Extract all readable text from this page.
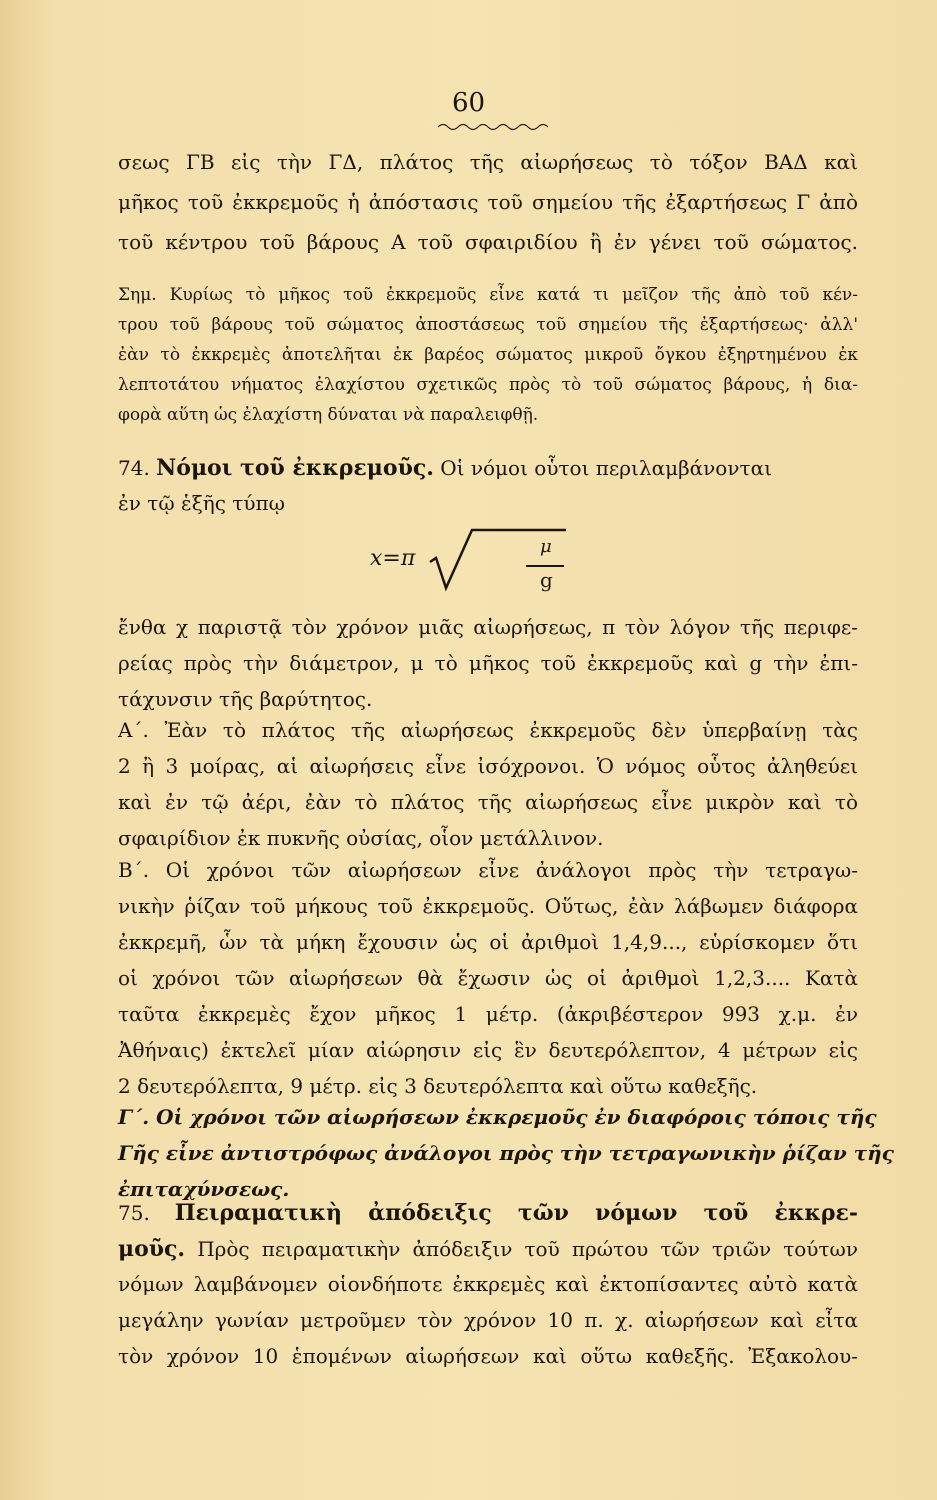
60
σεως ΓΒ εἰς τὴν ΓΔ, πλάτος τῆς αἰωρήσεως τὸ τόξον ΒΑΔ καὶ
μῆκος τοῦ ἐκκρεμοῦς ἡ ἀπόστασις τοῦ σημείου τῆς ἐξαρτήσεως Γ ἀπὸ
τοῦ κέντρου τοῦ βάρους Α τοῦ σφαιριδίου ἢ ἐν γένει τοῦ σώματος.
Σημ. Κυρίως τὸ μῆκος τοῦ ἐκκρεμοῦς εἶνε κατά τι μεῖζον τῆς ἀπὸ τοῦ κέν-
τρου τοῦ βάρους τοῦ σώματος ἀποστάσεως τοῦ σημείου τῆς ἐξαρτήσεως· ἀλλ'
ἐὰν τὸ ἐκκρεμὲς ἀποτελῆται ἐκ βαρέος σώματος μικροῦ ὄγκου ἐξηρτημένου ἐκ
λεπτοτάτου νήματος ἐλαχίστου σχετικῶς πρὸς τὸ τοῦ σώματος βάρους, ἡ δια-
φορὰ αὕτη ὡς ἐλαχίστη δύναται νὰ παραλειφθῇ.
74. Νόμοι τοῦ ἐκκρεμοῦς. Οἱ νόμοι οὗτοι περιλαμβάνονται
ἐν τῷ ἑξῆς τύπῳ
x=π	μ
g
ἔνθα χ παριστᾷ τὸν χρόνον μιᾶς αἰωρήσεως, π τὸν λόγον τῆς περιφε-
ρείας πρὸς τὴν διάμετρον, μ τὸ μῆκος τοῦ ἐκκρεμοῦς καὶ g τὴν ἐπι-
τάχυνσιν τῆς βαρύτητος.
Α΄. Ἐὰν τὸ πλάτος τῆς αἰωρήσεως ἐκκρεμοῦς δὲν ὑπερβαίνῃ τὰς
2 ἢ 3 μοίρας, αἱ αἰωρήσεις εἶνε ἰσόχρονοι. Ὁ νόμος οὗτος ἀληθεύει
καὶ ἐν τῷ ἀέρι, ἐὰν τὸ πλάτος τῆς αἰωρήσεως εἶνε μικρὸν καὶ τὸ
σφαιρίδιον ἐκ πυκνῆς οὐσίας, οἷον μετάλλινον.
Β΄. Οἱ χρόνοι τῶν αἰωρήσεων εἶνε ἀνάλογοι πρὸς τὴν τετραγω-
νικὴν ῥίζαν τοῦ μήκους τοῦ ἐκκρεμοῦς. Οὕτως, ἐὰν λάβωμεν διάφορα
ἐκκρεμῆ, ὧν τὰ μήκη ἔχουσιν ὡς οἱ ἀριθμοὶ 1,4,9..., εὑρίσκομεν ὅτι
οἱ χρόνοι τῶν αἰωρήσεων θὰ ἔχωσιν ὡς οἱ ἀριθμοὶ 1,2,3.... Κατὰ
ταῦτα ἐκκρεμὲς ἔχον μῆκος 1 μέτρ. (ἀκριβέστερον 993 χ.μ. ἐν
Ἀθήναις) ἐκτελεῖ μίαν αἰώρησιν εἰς ἓν δευτερόλεπτον, 4 μέτρων εἰς
2 δευτερόλεπτα, 9 μέτρ. εἰς 3 δευτερόλεπτα καὶ οὕτω καθεξῆς.
Γ΄. Οἱ χρόνοι τῶν αἰωρήσεων ἐκκρεμοῦς ἐν διαφόροις τόποις τῆς
Γῆς εἶνε ἀντιστρόφως ἀνάλογοι πρὸς τὴν τετραγωνικὴν ῥίζαν τῆς
ἐπιταχύνσεως.
75. Πειραματικὴ ἀπόδειξις τῶν νόμων τοῦ ἐκκρε-
μοῦς. Πρὸς πειραματικὴν ἀπόδειξιν τοῦ πρώτου τῶν τριῶν τούτων
νόμων λαμβάνομεν οἱονδήποτε ἐκκρεμὲς καὶ ἐκτοπίσαντες αὐτὸ κατὰ
μεγάλην γωνίαν μετροῦμεν τὸν χρόνον 10 π. χ. αἰωρήσεων καὶ εἶτα
τὸν χρόνον 10 ἑπομένων αἰωρήσεων καὶ οὕτω καθεξῆς. Ἐξακολου-
